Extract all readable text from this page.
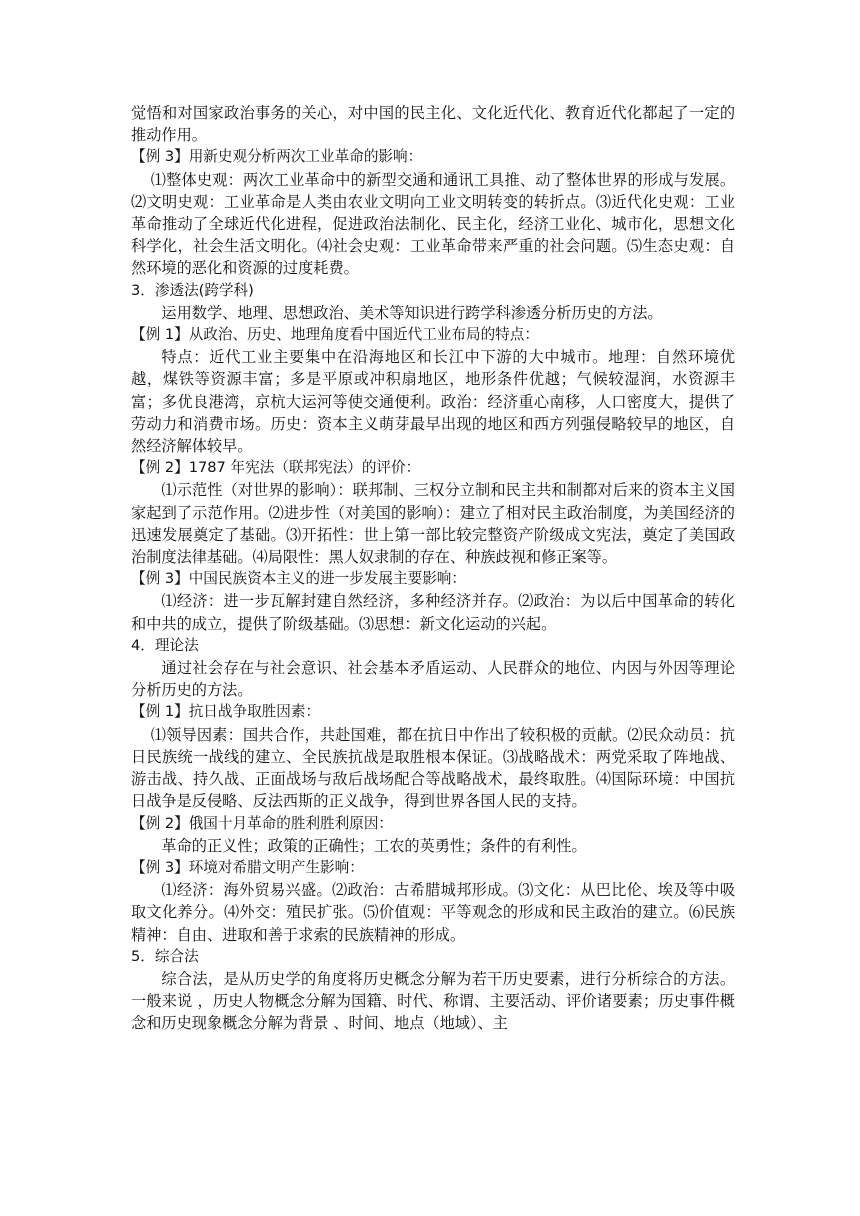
觉悟和对国家政治事务的关心，对中国的民主化、文化近代化、教育近代化都起了一定的推动作用。

【例 3】用新史观分析两次工业革命的影响：

⑴整体史观：两次工业革命中的新型交通和通讯工具推、动了整体世界的形成与发展。⑵文明史观：工业革命是人类由农业文明向工业文明转变的转折点。⑶近代化史观：工业革命推动了全球近代化进程，促进政治法制化、民主化，经济工业化、城市化，思想文化科学化，社会生活文明化。⑷社会史观：工业革命带来严重的社会问题。⑸生态史观：自然环境的恶化和资源的过度耗费。

3．渗透法(跨学科)

运用数学、地理、思想政治、美术等知识进行跨学科渗透分析历史的方法。

【例 1】从政治、历史、地理角度看中国近代工业布局的特点：

特点：近代工业主要集中在沿海地区和长江中下游的大中城市。地理：自然环境优越，煤铁等资源丰富；多是平原或冲积扇地区，地形条件优越；气候较湿润，水资源丰富；多优良港湾，京杭大运河等使交通便利。政治：经济重心南移，人口密度大，提供了劳动力和消费市场。历史：资本主义萌芽最早出现的地区和西方列强侵略较早的地区，自然经济解体较早。

【例 2】1787 年宪法（联邦宪法）的评价：

⑴示范性（对世界的影响）：联邦制、三权分立制和民主共和制都对后来的资本主义国家起到了示范作用。⑵进步性（对美国的影响）：建立了相对民主政治制度，为美国经济的迅速发展奠定了基础。⑶开拓性：世上第一部比较完整资产阶级成文宪法，奠定了美国政治制度法律基础。⑷局限性：黑人奴隶制的存在、种族歧视和修正案等。

【例 3】中国民族资本主义的进一步发展主要影响：

⑴经济：进一步瓦解封建自然经济，多种经济并存。⑵政治：为以后中国革命的转化和中共的成立，提供了阶级基础。⑶思想：新文化运动的兴起。

4．理论法

通过社会存在与社会意识、社会基本矛盾运动、人民群众的地位、内因与外因等理论分析历史的方法。

【例 1】抗日战争取胜因素：

⑴领导因素：国共合作，共赴国难，都在抗日中作出了较积极的贡献。⑵民众动员：抗日民族统一战线的建立、全民族抗战是取胜根本保证。⑶战略战术：两党采取了阵地战、游击战、持久战、正面战场与敌后战场配合等战略战术，最终取胜。⑷国际环境：中国抗日战争是反侵略、反法西斯的正义战争，得到世界各国人民的支持。

【例 2】俄国十月革命的胜利胜利原因：

革命的正义性；政策的正确性；工农的英勇性；条件的有利性。

【例 3】环境对希腊文明产生影响：

⑴经济：海外贸易兴盛。⑵政治：古希腊城邦形成。⑶文化：从巴比伦、埃及等中吸取文化养分。⑷外交：殖民扩张。⑸价值观：平等观念的形成和民主政治的建立。⑹民族精神：自由、进取和善于求索的民族精神的形成。

5．综合法

综合法，是从历史学的角度将历史概念分解为若干历史要素，进行分析综合的方法。一般来说 ，历史人物概念分解为国籍、时代、称谓、主要活动、评价诸要素；历史事件概念和历史现象概念分解为背景 、时间、地点（地域）、主
